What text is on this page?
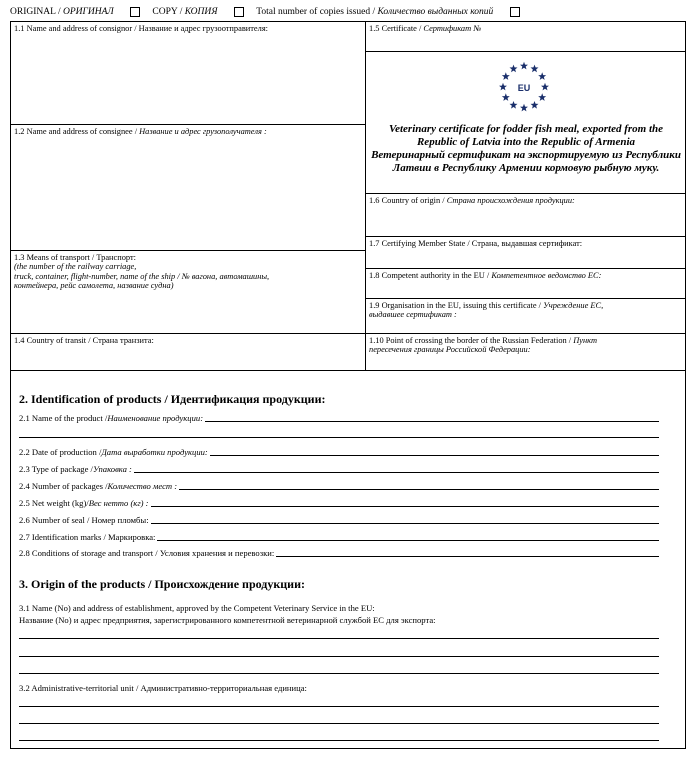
ORIGINAL / ОРИГИНАЛ	COPY / КОПИЯ	Total number of copies issued / Количество выданных копий
1.1 Name and address of consignor / Название и адрес грузоотправителя:
1.2 Name and address of consignee / Название и адрес грузополучателя :
1.3 Means of transport / Транспорт:
(the number of the railway carriage,
truck, container, flight-number, name of the ship / № вагона, автомашины,
контейнера, рейс самолета, название судна)
1.4 Country of transit / Страна транзита:
1.5 Certificate / Сертификат №
EU
Veterinary certificate for fodder fish meal, exported from the Republic of Latvia into the Republic of Armenia
Ветеринарный сертификат на экспортируемую из Республики Латвии в Республику Армении кормовую рыбную муку.
1.6 Country of origin / Страна происхождения продукции:
1.7 Certifying Member State / Страна, выдавшая сертификат:
1.8 Competent authority in the EU / Компетентное ведомство ЕС:
1.9 Organisation in the EU, issuing this certificate / Учреждение ЕС,
выдавшее сертификат :
1.10 Point of crossing the border of the Russian Federation / Пункт
пересечения границы Российской Федерации:
2. Identification of products / Идентификация продукции:
2.1 Name of the product / Наименование продукции:
2.2 Date of production / Дата выработки продукции:
2.3 Type of package / Упаковка :
2.4 Number of packages / Количество мест :
2.5 Net weight (kg)/ Вес нетто (кг) :
2.6 Number of seal / Номер пломбы:
2.7 Identification marks / Маркировка:
2.8 Conditions of storage and transport / Условия хранения и перевозки:
3. Origin of the products / Происхождение продукции:
3.1 Name (No) and address of establishment, approved by the Competent Veterinary Service in the EU:
Название (No) и адрес предприятия, зарегистрированного компетентной ветеринарной службой ЕС для экспорта:
3.2 Administrative-territorial unit / Административно-территориальная единица:
